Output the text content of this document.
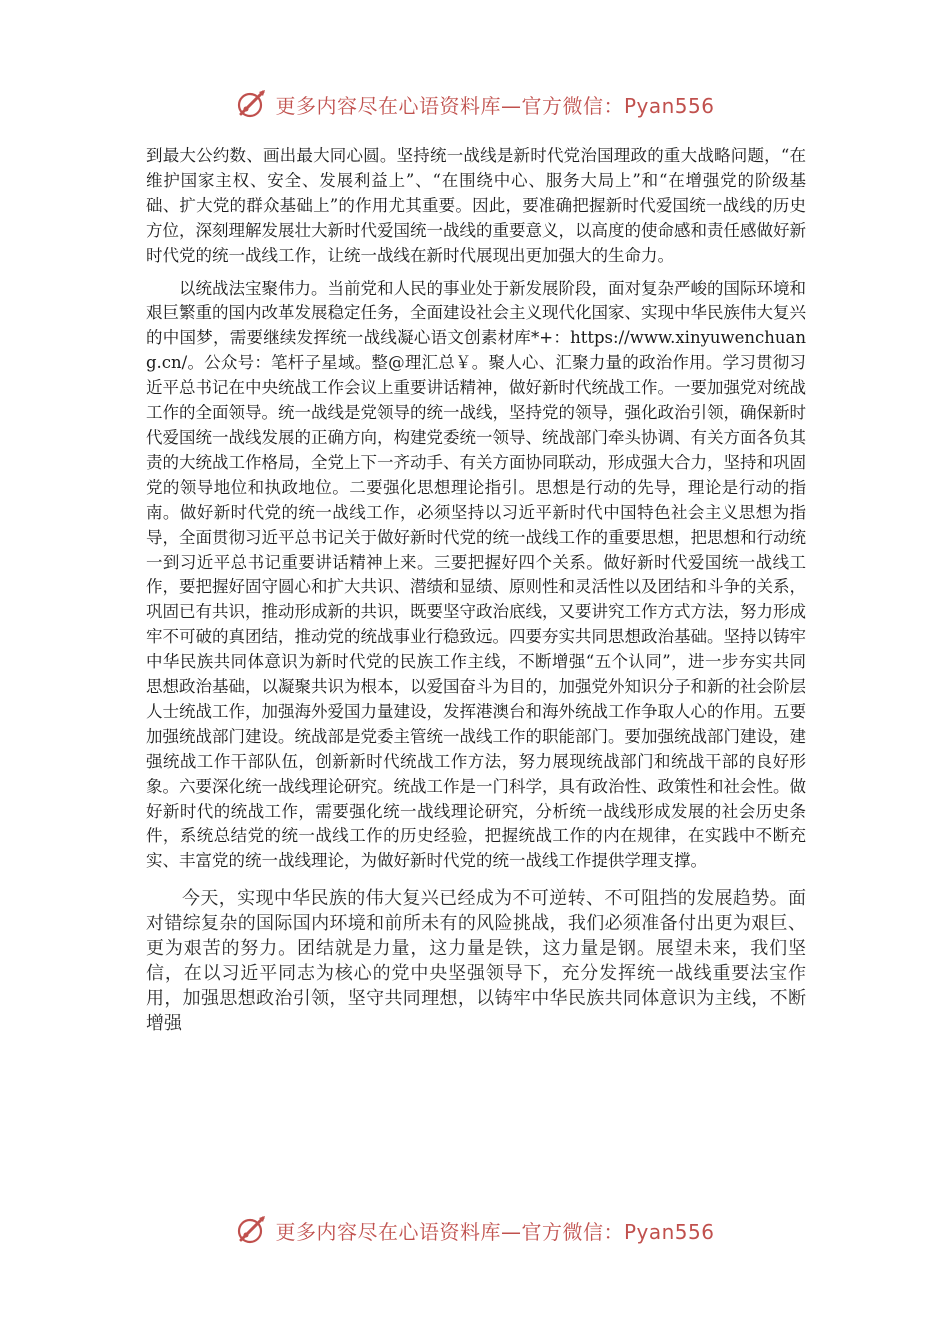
更多内容尽在心语资料库—官方微信：Pyan556

到最大公约数、画出最大同心圆。坚持统一战线是新时代党治国理政的重大战略问题，“在维护国家主权、安全、发展利益上”、“在围绕中心、服务大局上”和“在增强党的阶级基础、扩大党的群众基础上”的作用尤其重要。因此，要准确把握新时代爱国统一战线的历史方位，深刻理解发展壮大新时代爱国统一战线的重要意义，以高度的使命感和责任感做好新时代党的统一战线工作，让统一战线在新时代展现出更加强大的生命力。

以统战法宝聚伟力。当前党和人民的事业处于新发展阶段，面对复杂严峻的国际环境和艰巨繁重的国内改革发展稳定任务，全面建设社会主义现代化国家、实现中华民族伟大复兴的中国梦，需要继续发挥统一战线凝心语文创素材库*+：https://www.xinyuwenchuang.cn/。公众号：笔杆子星域。整@理汇总￥。聚人心、汇聚力量的政治作用。学习贯彻习近平总书记在中央统战工作会议上重要讲话精神，做好新时代统战工作。一要加强党对统战工作的全面领导。统一战线是党领导的统一战线，坚持党的领导，强化政治引领，确保新时代爱国统一战线发展的正确方向，构建党委统一领导、统战部门牵头协调、有关方面各负其责的大统战工作格局，全党上下一齐动手、有关方面协同联动，形成强大合力，坚持和巩固党的领导地位和执政地位。二要强化思想理论指引。思想是行动的先导，理论是行动的指南。做好新时代党的统一战线工作，必须坚持以习近平新时代中国特色社会主义思想为指导，全面贯彻习近平总书记关于做好新时代党的统一战线工作的重要思想，把思想和行动统一到习近平总书记重要讲话精神上来。三要把握好四个关系。做好新时代爱国统一战线工作，要把握好固守圆心和扩大共识、潜绩和显绩、原则性和灵活性以及团结和斗争的关系，巩固已有共识，推动形成新的共识，既要坚守政治底线，又要讲究工作方式方法，努力形成牢不可破的真团结，推动党的统战事业行稳致远。四要夯实共同思想政治基础。坚持以铸牢中华民族共同体意识为新时代党的民族工作主线，不断增强“五个认同”，进一步夯实共同思想政治基础，以凝聚共识为根本，以爱国奋斗为目的，加强党外知识分子和新的社会阶层人士统战工作，加强海外爱国力量建设，发挥港澳台和海外统战工作争取人心的作用。五要加强统战部门建设。统战部是党委主管统一战线工作的职能部门。要加强统战部门建设，建强统战工作干部队伍，创新新时代统战工作方法，努力展现统战部门和统战干部的良好形象。六要深化统一战线理论研究。统战工作是一门科学，具有政治性、政策性和社会性。做好新时代的统战工作，需要强化统一战线理论研究，分析统一战线形成发展的社会历史条件，系统总结党的统一战线工作的历史经验，把握统战工作的内在规律，在实践中不断充实、丰富党的统一战线理论，为做好新时代党的统一战线工作提供学理支撑。

今天，实现中华民族的伟大复兴已经成为不可逆转、不可阻挡的发展趋势。面对错综复杂的国际国内环境和前所未有的风险挑战，我们必须准备付出更为艰巨、更为艰苦的努力。团结就是力量，这力量是铁，这力量是钢。展望未来，我们坚信，在以习近平同志为核心的党中央坚强领导下，充分发挥统一战线重要法宝作用，加强思想政治引领，坚守共同理想，以铸牢中华民族共同体意识为主线，不断增强

更多内容尽在心语资料库—官方微信：Pyan556
